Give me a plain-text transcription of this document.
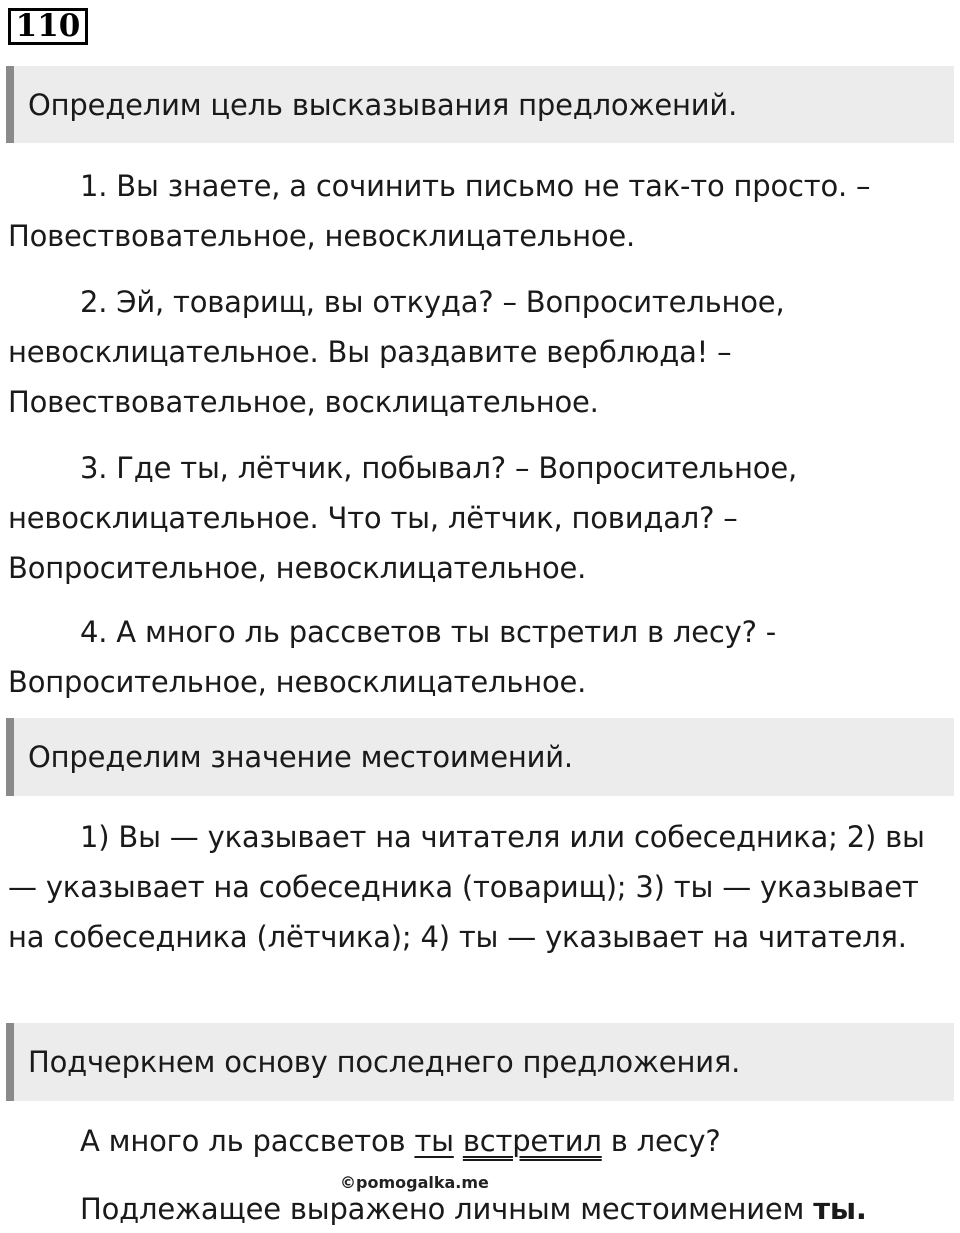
110
Определим цель высказывания предложений.

1. Вы знаете, а сочинить письмо не так-то просто. – Повествовательное, невосклицательное.

2. Эй, товарищ, вы откуда? – Вопросительное, невосклицательное. Вы раздавите верблюда! – Повествовательное, восклицательное.

3. Где ты, лётчик, побывал? – Вопросительное, невосклицательное. Что ты, лётчик, повидал? – Вопросительное, невосклицательное.

4. А много ль рассветов ты встретил в лесу? - Вопросительное, невосклицательное.

Определим значение местоимений.

1) Вы — указывает на читателя или собеседника; 2) вы — указывает на собеседника (товарищ); 3) ты — указывает на собеседника (лётчика); 4) ты — указывает на читателя.

Подчеркнем основу последнего предложения.
А много ль рассветов ты встретил в лесу?
©pomogalka.me
Подлежащее выражено личным местоимением ты.
